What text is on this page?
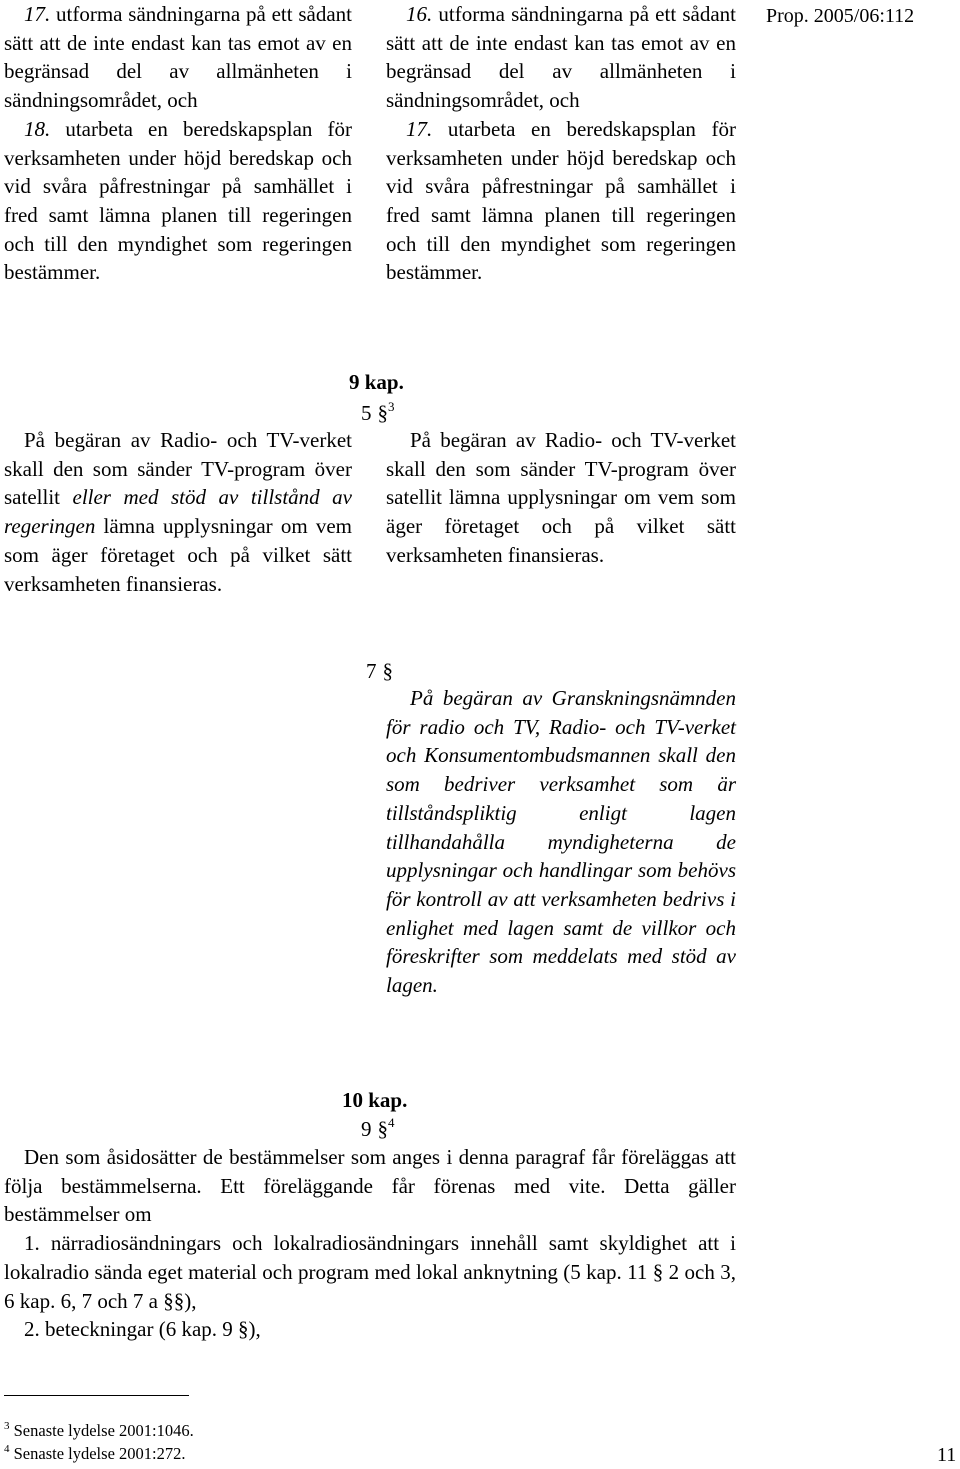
Prop. 2005/06:112

17. utforma sändningarna på ett sådant sätt att de inte endast kan tas emot av en begränsad del av allmänheten i sändningsområdet, och

18. utarbeta en beredskapsplan för verksamheten under höjd beredskap och vid svåra påfrestningar på samhället i fred samt lämna planen till regeringen och till den myndighet som regeringen bestämmer.

16. utforma sändningarna på ett sådant sätt att de inte endast kan tas emot av en begränsad del av allmänheten i sändningsområdet, och

17. utarbeta en beredskapsplan för verksamheten under höjd beredskap och vid svåra påfrestningar på samhället i fred samt lämna planen till regeringen och till den myndighet som regeringen bestämmer.

9 kap.
5 §$^3$

På begäran av Radio- och TV-verket skall den som sänder TV-program över satellit eller med stöd av tillstånd av regeringen lämna upplysningar om vem som äger företaget och på vilket sätt verksamheten finansieras.

På begäran av Radio- och TV-verket skall den som sänder TV-program över satellit lämna upplysningar om vem som äger företaget och på vilket sätt verksamheten finansieras.

7 §

På begäran av Granskningsnämnden för radio och TV, Radio- och TV-verket och Konsumentombudsmannen skall den som bedriver verksamhet som är tillståndspliktig enligt lagen tillhandahålla myndigheterna de upplysningar och handlingar som behövs för kontroll av att verksamheten bedrivs i enlighet med lagen samt de villkor och föreskrifter som meddelats med stöd av lagen.

10 kap.
9 §$^4$

Den som åsidosätter de bestämmelser som anges i denna paragraf får föreläggas att följa bestämmelserna. Ett föreläggande får förenas med vite. Detta gäller bestämmelser om

1. närradiosändningars och lokalradiosändningars innehåll samt skyldighet att i lokalradio sända eget material och program med lokal anknytning (5 kap. 11 § 2 och 3, 6 kap. 6, 7 och 7 a §§),

2. beteckningar (6 kap. 9 §),

$^3$ Senaste lydelse 2001:1046.
$^4$ Senaste lydelse 2001:272.	11
